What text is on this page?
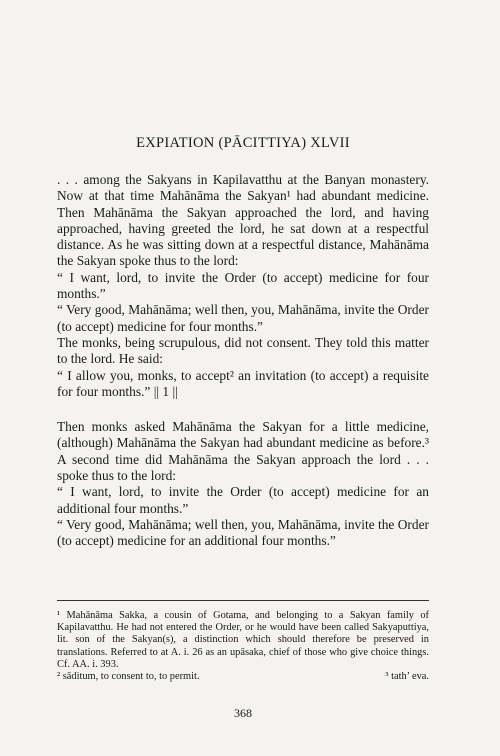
EXPIATION (PĀCITTIYA) XLVII

. . . among the Sakyans in Kapilavatthu at the Banyan monastery. Now at that time Mahānāma the Sakyan¹ had abundant medicine. Then Mahānāma the Sakyan approached the lord, and having approached, having greeted the lord, he sat down at a respectful distance. As he was sitting down at a respectful distance, Mahānāma the Sakyan spoke thus to the lord:

“ I want, lord, to invite the Order (to accept) medicine for four months.”

“ Very good, Mahānāma; well then, you, Mahānāma, invite the Order (to accept) medicine for four months.”

The monks, being scrupulous, did not consent. They told this matter to the lord. He said:

“ I allow you, monks, to accept² an invitation (to accept) a requisite for four months.” || 1 ||

Then monks asked Mahānāma the Sakyan for a little medicine, (although) Mahānāma the Sakyan had abundant medicine as before.³ A second time did Mahānāma the Sakyan approach the lord . . . spoke thus to the lord:

“ I want, lord, to invite the Order (to accept) medicine for an additional four months.”

“ Very good, Mahānāma; well then, you, Mahānāma, invite the Order (to accept) medicine for an additional four months.”

¹ Mahānāma Sakka, a cousin of Gotama, and belonging to a Sakyan family of Kapilavatthu. He had not entered the Order, or he would have been called Sakyaputtiya, lit. son of the Sakyan(s), a distinction which should therefore be preserved in translations. Referred to at A. i. 26 as an upāsaka, chief of those who give choice things. Cf. AA. i. 393.

² sāditum, to consent to, to permit.	³ tath’ eva.
368
